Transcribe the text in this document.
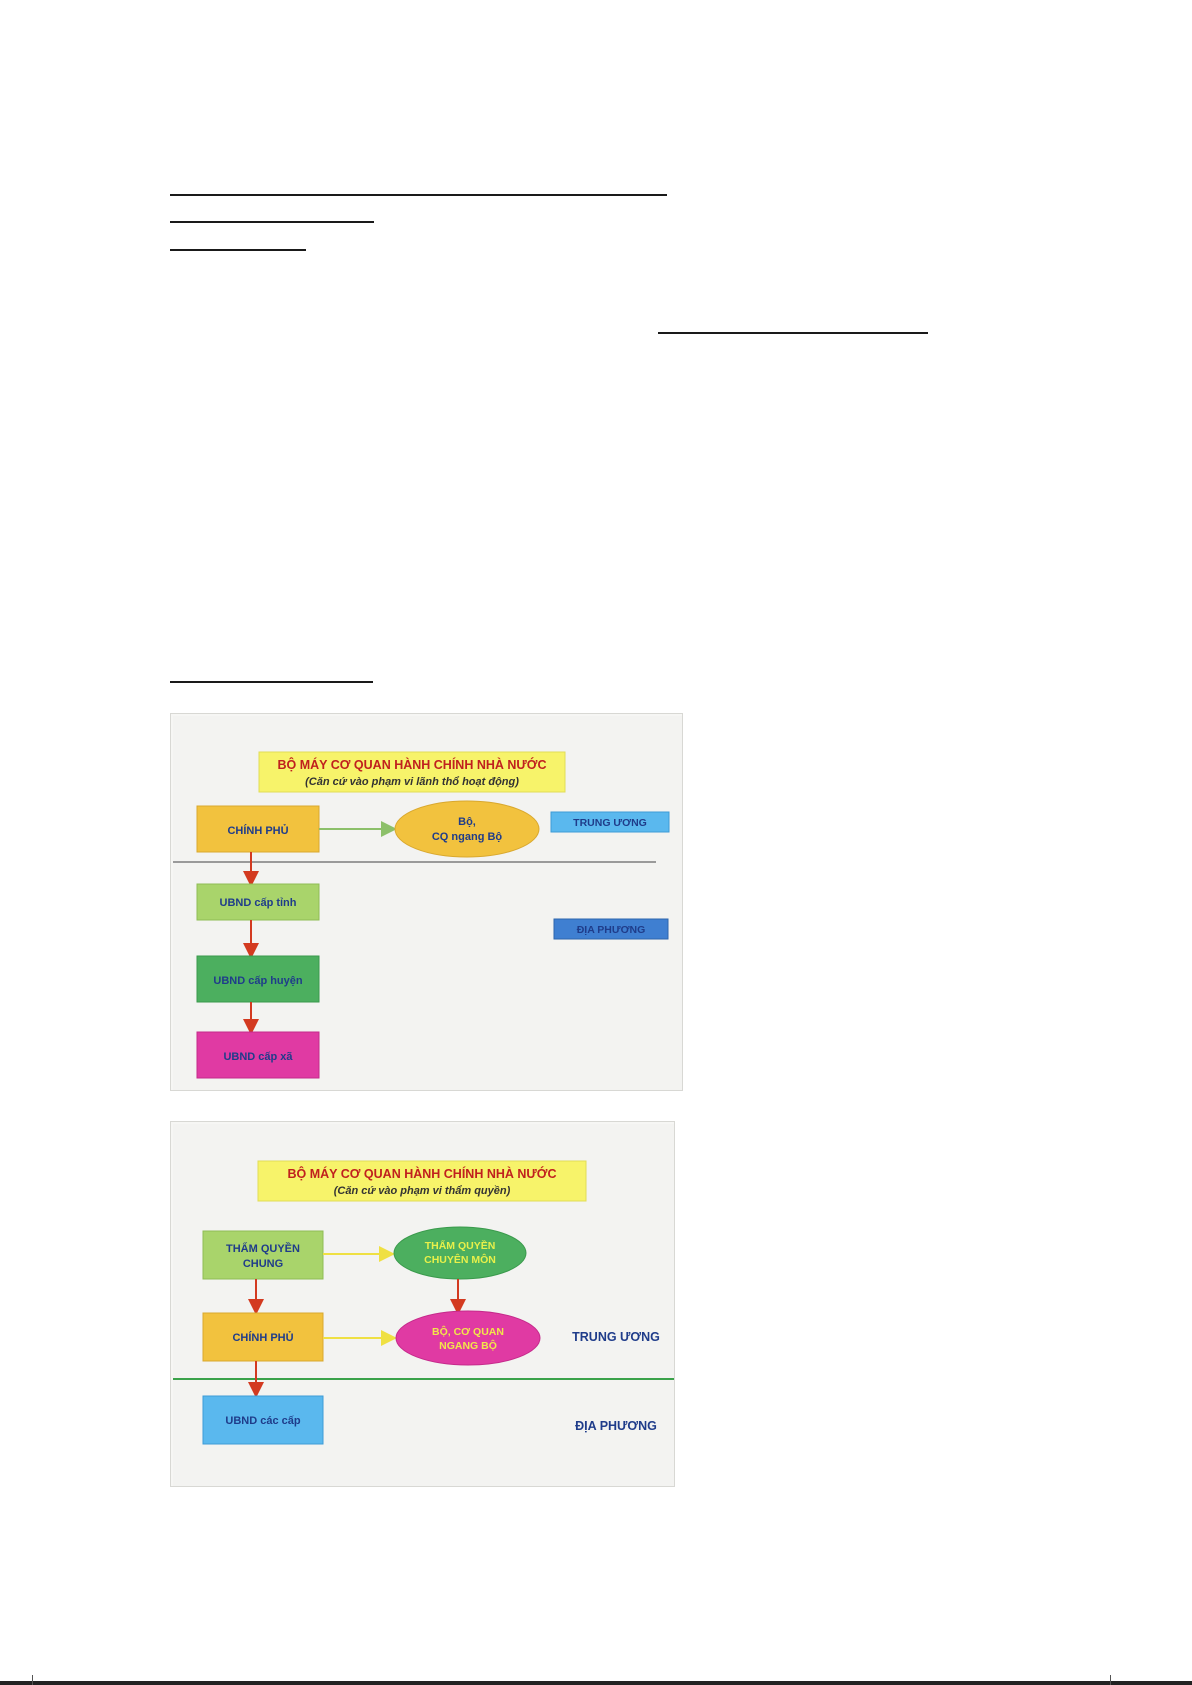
BỘ MÁY CƠ QUAN HÀNH CHÍNH NHÀ NƯỚC
(Căn cứ vào phạm vi lãnh thổ hoạt động)
CHÍNH PHỦ
Bộ,
CQ ngang Bộ
TRUNG ƯƠNG
UBND cấp tỉnh
ĐỊA PHƯƠNG
UBND cấp huyện
UBND cấp xã
BỘ MÁY CƠ QUAN HÀNH CHÍNH NHÀ NƯỚC
(Căn cứ vào phạm vi thẩm quyền)
THẨM QUYỀN
CHUNG
THẨM QUYỀN
CHUYÊN MÔN
CHÍNH PHỦ	BỘ, CƠ QUAN
NGANG BỘ
TRUNG ƯƠNG
UBND các cấp	ĐỊA PHƯƠNG
